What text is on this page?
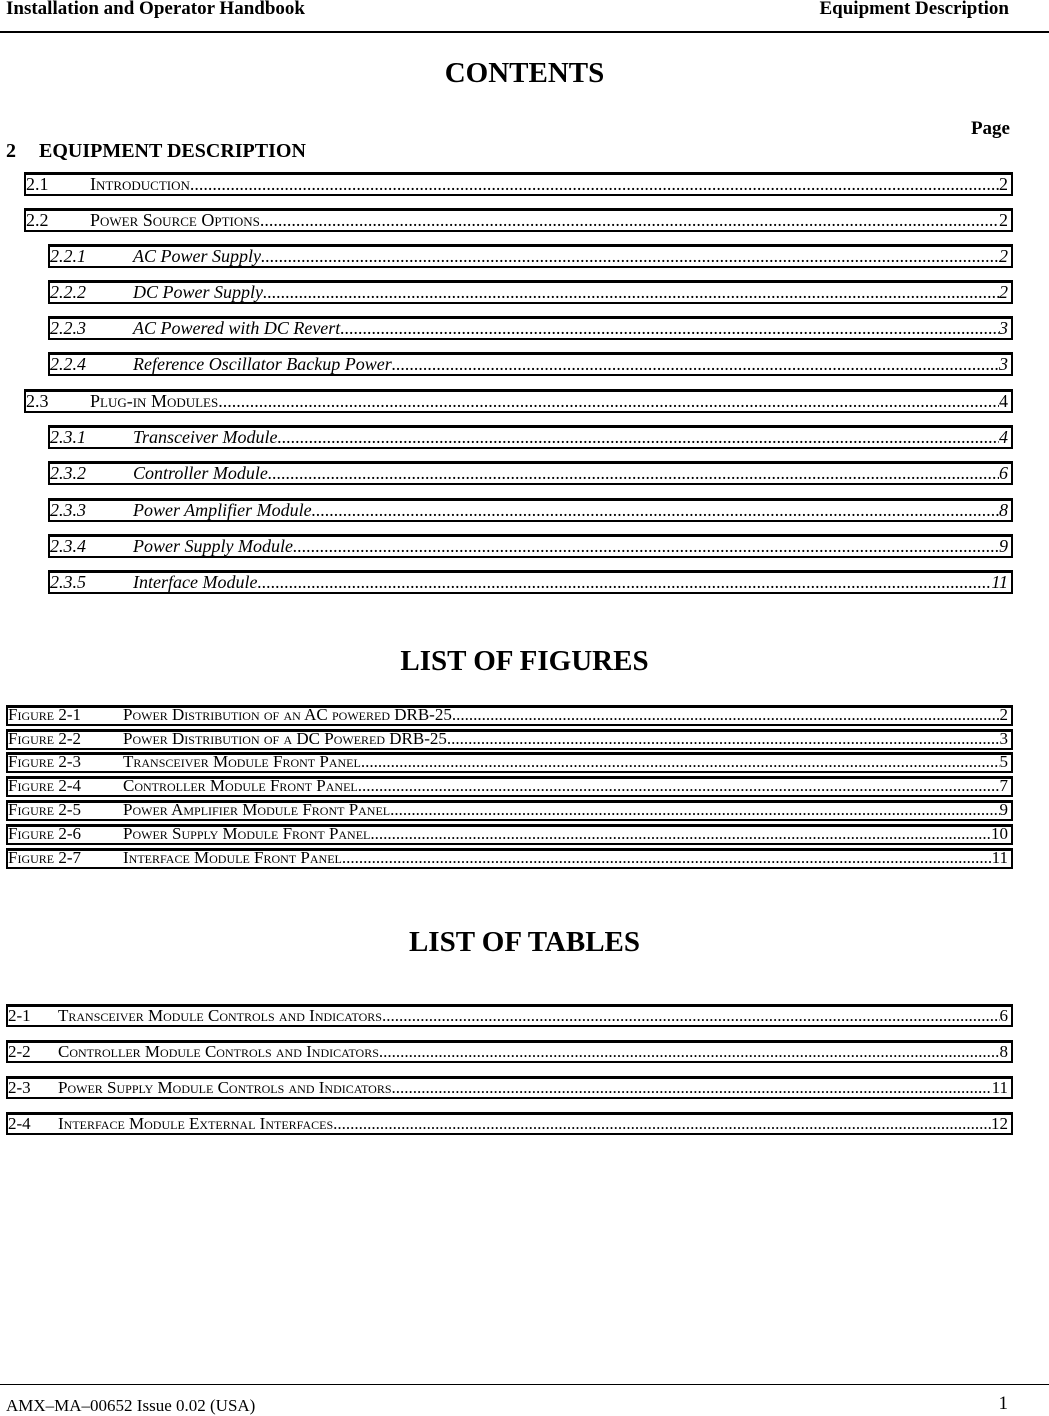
Installation and Operator Handbook	Equipment Description
CONTENTS
Page
2 EQUIPMENT DESCRIPTION
2.1	Introduction .....	2
2.2	Power Source Options .....	2
2.2.1	AC Power Supply .....	2
2.2.2	DC Power Supply .....	2
2.2.3	AC Powered with DC Revert .....	3
2.2.4	Reference Oscillator Backup Power .....	3
2.3	Plug-in Modules .....	4
2.3.1	Transceiver Module .....	4
2.3.2	Controller Module .....	6
2.3.3	Power Amplifier Module .....	8
2.3.4	Power Supply Module .....	9
2.3.5	Interface Module .....	11
LIST OF FIGURES
Figure 2-1	Power Distribution of an AC powered DRB-25 .....	2
Figure 2-2	Power Distribution of a DC Powered DRB-25 .....	3
Figure 2-3	Transceiver Module Front Panel .....	5
Figure 2-4	Controller Module Front Panel .....	7
Figure 2-5	Power Amplifier Module Front Panel .....	9
Figure 2-6	Power Supply Module Front Panel .....	10
Figure 2-7	Interface Module Front Panel .....	11
LIST OF TABLES
2-1	Transceiver Module Controls and Indicators .....	6
2-2	Controller Module Controls and Indicators .....	8
2-3	Power Supply Module Controls and Indicators .....	11
2-4	Interface Module External Interfaces .....	12
AMX–MA–00652 Issue 0.02 (USA)	1
